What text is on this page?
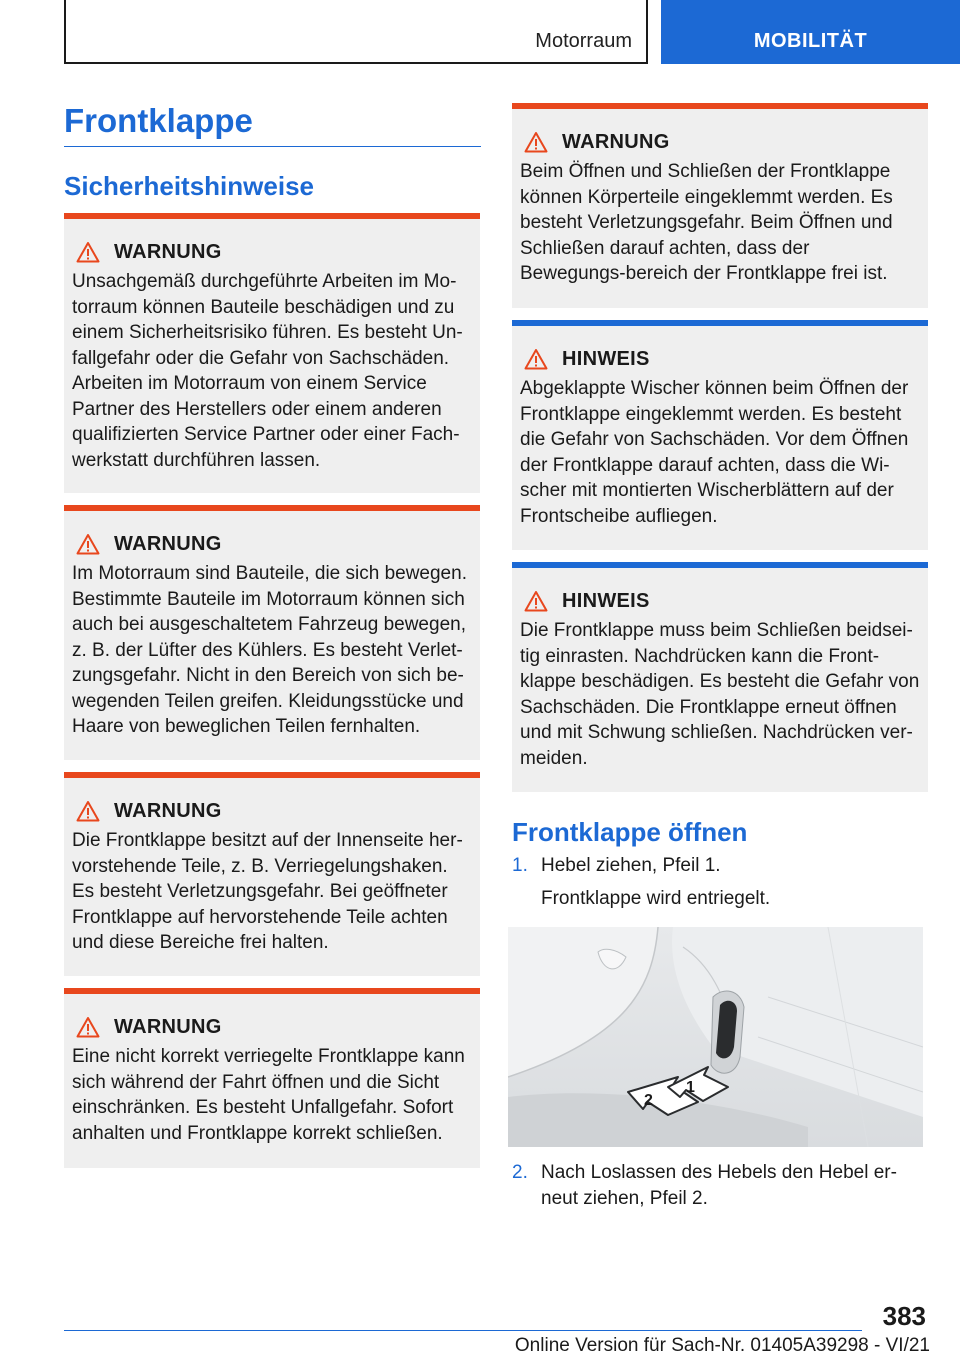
Motorraum	MOBILITÄT
Frontklappe
Sicherheitshinweise
WARNUNG
Unsachgemäß durchgeführte Arbeiten im Mo-torraum können Bauteile beschädigen und zu einem Sicherheitsrisiko führen. Es besteht Un-fallgefahr oder die Gefahr von Sachschäden. Arbeiten im Motorraum von einem Service Partner des Herstellers oder einem anderen qualifizierten Service Partner oder einer Fach-werkstatt durchführen lassen.
WARNUNG
Im Motorraum sind Bauteile, die sich bewegen. Bestimmte Bauteile im Motorraum können sich auch bei ausgeschaltetem Fahrzeug bewegen, z. B. der Lüfter des Kühlers. Es besteht Verlet-zungsgefahr. Nicht in den Bereich von sich be-wegenden Teilen greifen. Kleidungsstücke und Haare von beweglichen Teilen fernhalten.
WARNUNG
Die Frontklappe besitzt auf der Innenseite her-vorstehende Teile, z. B. Verriegelungshaken. Es besteht Verletzungsgefahr. Bei geöffneter Frontklappe auf hervorstehende Teile achten und diese Bereiche frei halten.
WARNUNG
Eine nicht korrekt verriegelte Frontklappe kann sich während der Fahrt öffnen und die Sicht einschränken. Es besteht Unfallgefahr. Sofort anhalten und Frontklappe korrekt schließen.
WARNUNG
Beim Öffnen und Schließen der Frontklappe können Körperteile eingeklemmt werden. Es besteht Verletzungsgefahr. Beim Öffnen und Schließen darauf achten, dass der Bewegungs-bereich der Frontklappe frei ist.
HINWEIS
Abgeklappte Wischer können beim Öffnen der Frontklappe eingeklemmt werden. Es besteht die Gefahr von Sachschäden. Vor dem Öffnen der Frontklappe darauf achten, dass die Wi-scher mit montierten Wischerblättern auf der Frontscheibe aufliegen.
HINWEIS
Die Frontklappe muss beim Schließen beidsei-tig einrasten. Nachdrücken kann die Front-klappe beschädigen. Es besteht die Gefahr von Sachschäden. Die Frontklappe erneut öffnen und mit Schwung schließen. Nachdrücken ver-meiden.
Frontklappe öffnen
1. Hebel ziehen, Pfeil 1.
Frontklappe wird entriegelt.
1
2
2. Nach Loslassen des Hebels den Hebel er-neut ziehen, Pfeil 2.
383
Online Version für Sach-Nr. 01405A39298 - VI/21
